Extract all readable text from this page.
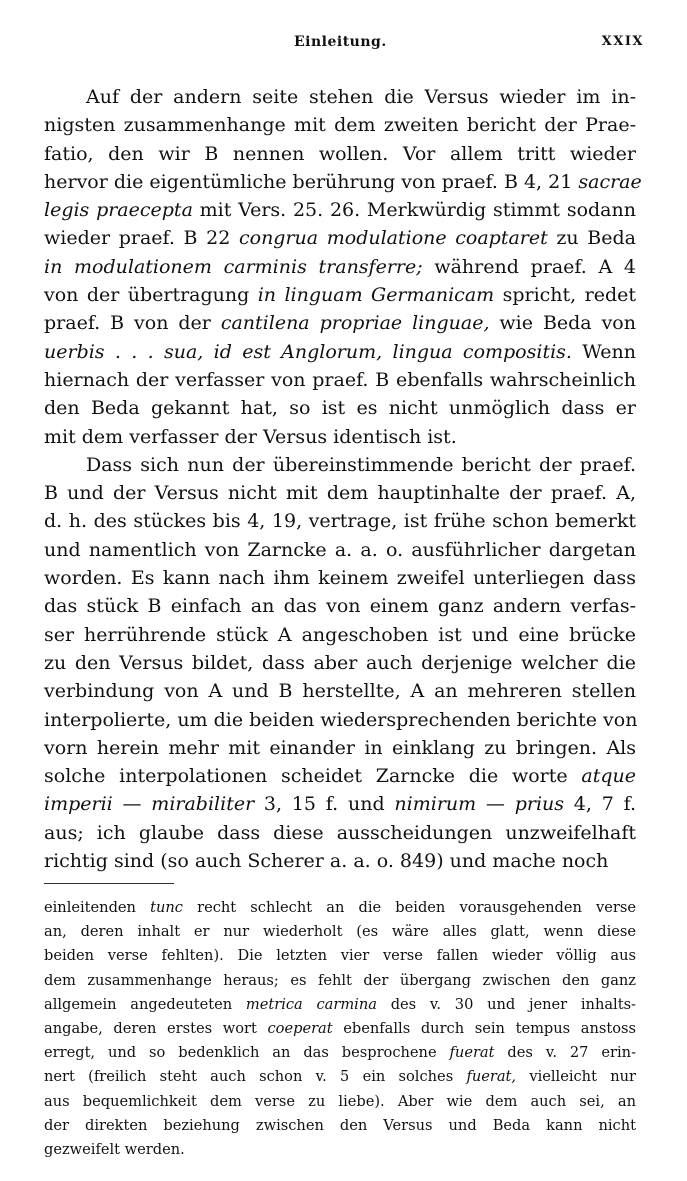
Einleitung.	XXIX
Auf der andern seite stehen die Versus wieder im in-
nigsten zusammenhange mit dem zweiten bericht der Prae-
fatio, den wir B nennen wollen. Vor allem tritt wieder
hervor die eigentümliche berührung von praef. B 4, 21 sacrae
legis praecepta mit Vers. 25. 26. Merkwürdig stimmt sodann
wieder praef. B 22 congrua modulatione coaptaret zu Beda
in modulationem carminis transferre; während praef. A 4
von der übertragung in linguam Germanicam spricht, redet
praef. B von der cantilena propriae linguae, wie Beda von
uerbis . . . sua, id est Anglorum, lingua compositis. Wenn
hiernach der verfasser von praef. B ebenfalls wahrscheinlich
den Beda gekannt hat, so ist es nicht unmöglich dass er
mit dem verfasser der Versus identisch ist.
Dass sich nun der übereinstimmende bericht der praef.
B und der Versus nicht mit dem hauptinhalte der praef. A,
d. h. des stückes bis 4, 19, vertrage, ist frühe schon bemerkt
und namentlich von Zarncke a. a. o. ausführlicher dargetan
worden. Es kann nach ihm keinem zweifel unterliegen dass
das stück B einfach an das von einem ganz andern verfas-
ser herrührende stück A angeschoben ist und eine brücke
zu den Versus bildet, dass aber auch derjenige welcher die
verbindung von A und B herstellte, A an mehreren stellen
interpolierte, um die beiden wiedersprechenden berichte von
vorn herein mehr mit einander in einklang zu bringen. Als
solche interpolationen scheidet Zarncke die worte atque
imperii — mirabiliter 3, 15 f. und nimirum — prius 4, 7 f.
aus; ich glaube dass diese ausscheidungen unzweifelhaft
richtig sind (so auch Scherer a. a. o. 849) und mache noch
einleitenden tunc recht schlecht an die beiden vorausgehenden verse
an, deren inhalt er nur wiederholt (es wäre alles glatt, wenn diese
beiden verse fehlten). Die letzten vier verse fallen wieder völlig aus
dem zusammenhange heraus; es fehlt der übergang zwischen den ganz
allgemein angedeuteten metrica carmina des v. 30 und jener inhalts-
angabe, deren erstes wort coeperat ebenfalls durch sein tempus anstoss
erregt, und so bedenklich an das besprochene fuerat des v. 27 erin-
nert (freilich steht auch schon v. 5 ein solches fuerat, vielleicht nur
aus bequemlichkeit dem verse zu liebe). Aber wie dem auch sei, an
der direkten beziehung zwischen den Versus und Beda kann nicht
gezweifelt werden.
